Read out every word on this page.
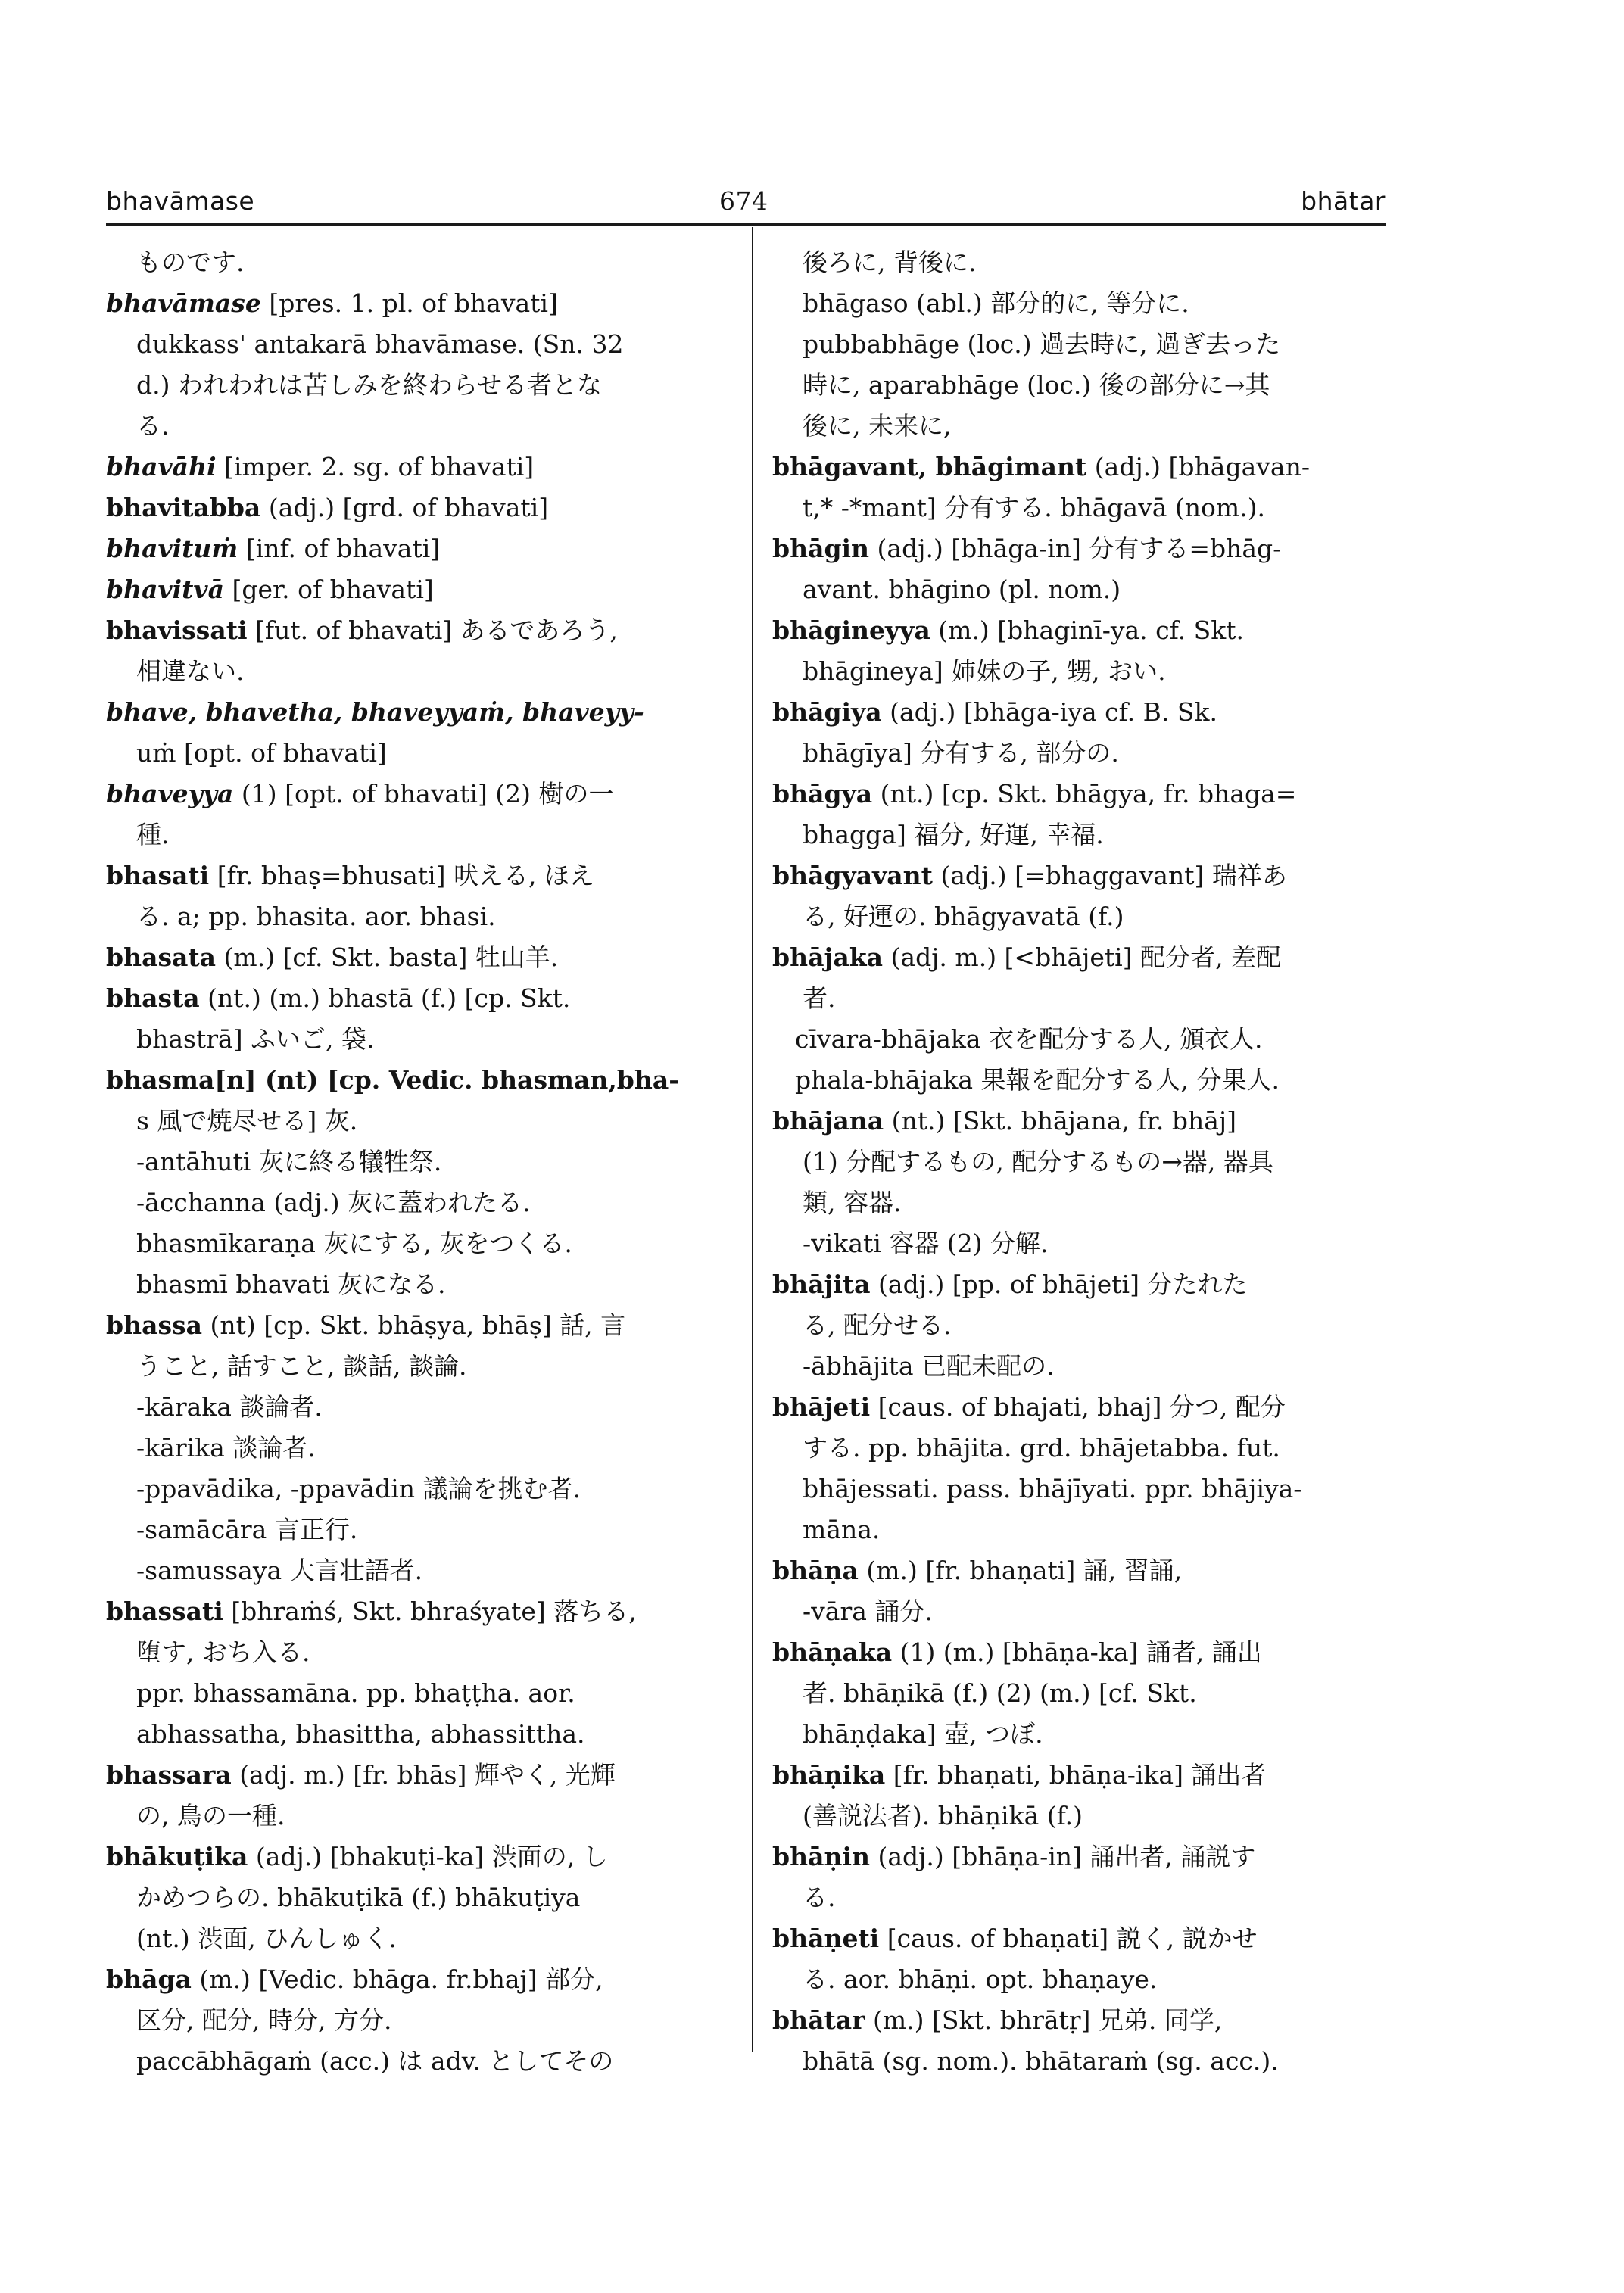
bhavāmase	674	bhātar
ものです.
bhavāmase [pres. 1. pl. of bhavati]
dukkass' antakarā bhavāmase. (Sn. 32
d.) われわれは苦しみを終わらせる者とな
る.
bhavāhi [imper. 2. sg. of bhavati]
bhavitabba (adj.) [grd. of bhavati]
bhavituṁ [inf. of bhavati]
bhavitvā [ger. of bhavati]
bhavissati [fut. of bhavati] あるであろう,
相違ない.
bhave, bhavetha, bhaveyyaṁ, bhaveyy-
uṁ [opt. of bhavati]
bhaveyya (1) [opt. of bhavati] (2) 樹の一
種.
bhasati [fr. bhaṣ=bhusati] 吠える, ほえ
る. a; pp. bhasita. aor. bhasi.
bhasata (m.) [cf. Skt. basta] 牡山羊.
bhasta (nt.) (m.) bhastā (f.) [cp. Skt.
bhastrā] ふいご, 袋.
bhasma[n] (nt) [cp. Vedic. bhasman,bha-
s 風で焼尽せる] 灰.
-antāhuti 灰に終る犠牲祭.
-ācchanna (adj.) 灰に蓋われたる.
bhasmīkaraṇa 灰にする, 灰をつくる.
bhasmī bhavati 灰になる.
bhassa (nt) [cp. Skt. bhāṣya, bhāṣ] 話, 言
うこと, 話すこと, 談話, 談論.
-kāraka 談論者.
-kārika 談論者.
-ppavādika, -ppavādin 議論を挑む者.
-samācāra 言正行.
-samussaya 大言壮語者.
bhassati [bhraṁś, Skt. bhraśyate] 落ちる,
堕す, おち入る.
ppr. bhassamāna. pp. bhaṭṭha. aor.
abhassatha, bhasittha, abhassittha.
bhassara (adj. m.) [fr. bhās] 輝やく, 光輝
の, 鳥の一種.
bhākuṭika (adj.) [bhakuṭi-ka] 渋面の, し
かめつらの. bhākuṭikā (f.) bhākuṭiya
(nt.) 渋面, ひんしゅく.
bhāga (m.) [Vedic. bhāga. fr.bhaj] 部分,
区分, 配分, 時分, 方分.
paccābhāgaṁ (acc.) は adv. としてその
後ろに, 背後に.
bhāgaso (abl.) 部分的に, 等分に.
pubbabhāge (loc.) 過去時に, 過ぎ去った
時に, aparabhāge (loc.) 後の部分に→其
後に, 未来に,
bhāgavant, bhāgimant (adj.) [bhāgavan-
t,* -*mant] 分有する. bhāgavā (nom.).
bhāgin (adj.) [bhāga-in] 分有する=bhāg-
avant. bhāgino (pl. nom.)
bhāgineyya (m.) [bhaginī-ya. cf. Skt.
bhāgineya] 姉妹の子, 甥, おい.
bhāgiya (adj.) [bhāga-iya cf. B. Sk.
bhāgīya] 分有する, 部分の.
bhāgya (nt.) [cp. Skt. bhāgya, fr. bhaga=
bhagga] 福分, 好運, 幸福.
bhāgyavant (adj.) [=bhaggavant] 瑞祥あ
る, 好運の. bhāgyavatā (f.)
bhājaka (adj. m.) [<bhājeti] 配分者, 差配
者.
cīvara-bhājaka 衣を配分する人, 頒衣人.
phala-bhājaka 果報を配分する人, 分果人.
bhājana (nt.) [Skt. bhājana, fr. bhāj]
(1) 分配するもの, 配分するもの→器, 器具
類, 容器.
-vikati 容器 (2) 分解.
bhājita (adj.) [pp. of bhājeti] 分たれた
る, 配分せる.
-ābhājita 已配未配の.
bhājeti [caus. of bhajati, bhaj] 分つ, 配分
する. pp. bhājita. grd. bhājetabba. fut.
bhājessati. pass. bhājīyati. ppr. bhājiya-
māna.
bhāṇa (m.) [fr. bhaṇati] 誦, 習誦,
-vāra 誦分.
bhāṇaka (1) (m.) [bhāṇa-ka] 誦者, 誦出
者. bhāṇikā (f.) (2) (m.) [cf. Skt.
bhāṇḍaka] 壺, つぼ.
bhāṇika [fr. bhaṇati, bhāṇa-ika] 誦出者
(善説法者). bhāṇikā (f.)
bhāṇin (adj.) [bhāṇa-in] 誦出者, 誦説す
る.
bhāṇeti [caus. of bhaṇati] 説く, 説かせ
る. aor. bhāṇi. opt. bhaṇaye.
bhātar (m.) [Skt. bhrātṛ] 兄弟. 同学,
bhātā (sg. nom.). bhātaraṁ (sg. acc.).
